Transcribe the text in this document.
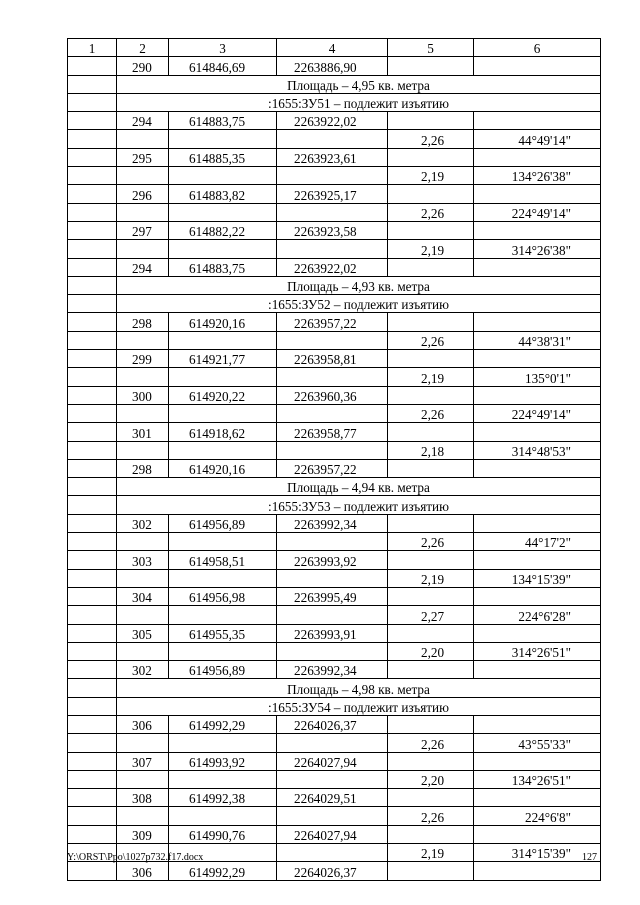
1	2	3	4	5	6
	290	614846,69	2263886,90		
	Площадь – 4,95 кв. метра				
	:1655:ЗУ51 – подлежит изъятию				
	294	614883,75	2263922,02		
				2,26	44°49'14"
	295	614885,35	2263923,61		
				2,19	134°26'38"
	296	614883,82	2263925,17		
				2,26	224°49'14"
	297	614882,22	2263923,58		
				2,19	314°26'38"
	294	614883,75	2263922,02		
	Площадь – 4,93 кв. метра				
	:1655:ЗУ52 – подлежит изъятию				
	298	614920,16	2263957,22		
				2,26	44°38'31"
	299	614921,77	2263958,81		
				2,19	135°0'1"
	300	614920,22	2263960,36		
				2,26	224°49'14"
	301	614918,62	2263958,77		
				2,18	314°48'53"
	298	614920,16	2263957,22		
	Площадь – 4,94 кв. метра				
	:1655:ЗУ53 – подлежит изъятию				
	302	614956,89	2263992,34		
				2,26	44°17'2"
	303	614958,51	2263993,92		
				2,19	134°15'39"
	304	614956,98	2263995,49		
				2,27	224°6'28"
	305	614955,35	2263993,91		
				2,20	314°26'51"
	302	614956,89	2263992,34		
	Площадь – 4,98 кв. метра				
	:1655:ЗУ54 – подлежит изъятию				
	306	614992,29	2264026,37		
				2,26	43°55'33"
	307	614993,92	2264027,94		
				2,20	134°26'51"
	308	614992,38	2264029,51		
				2,26	224°6'8"
	309	614990,76	2264027,94		
				2,19	314°15'39"
	306	614992,29	2264026,37		
Y:\ORST\Ppo\1027p732.f17.docx	127
